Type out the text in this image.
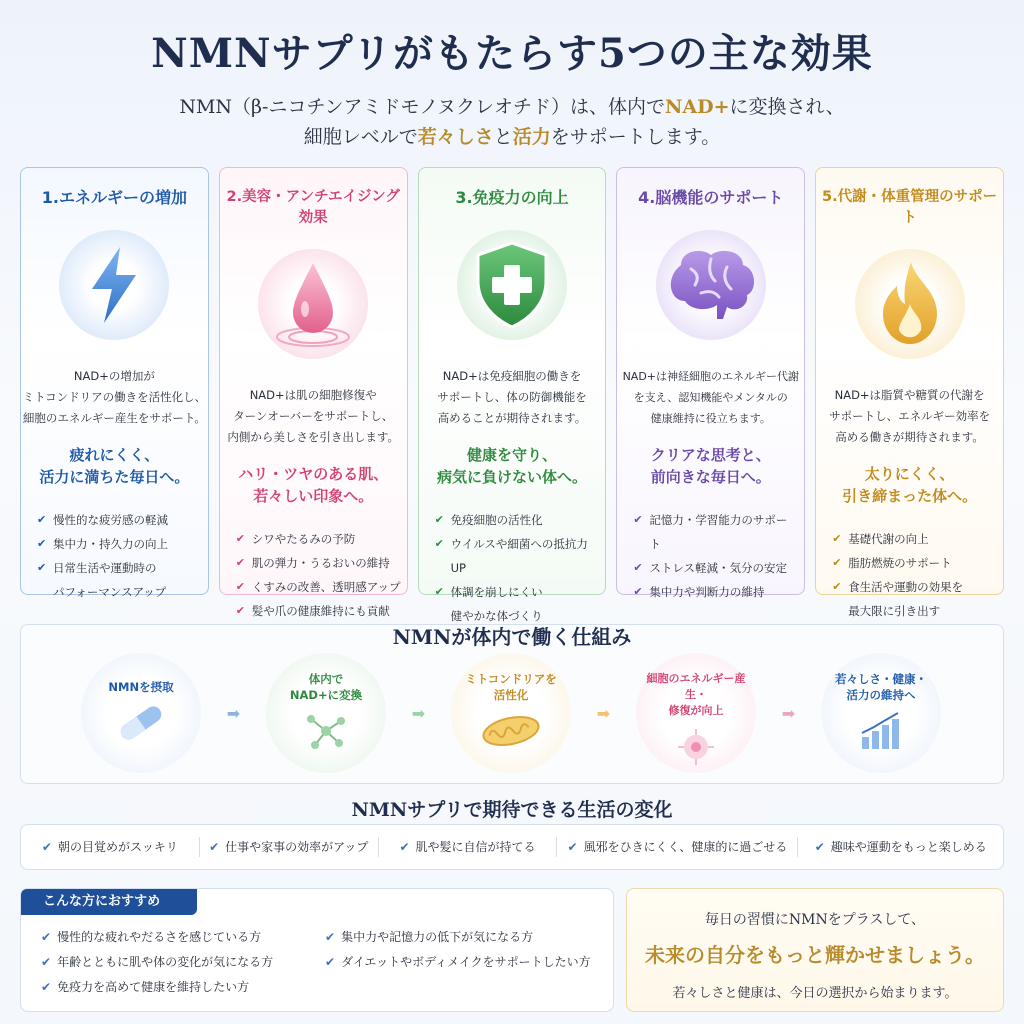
NMNサプリがもたらす5つの主な効果
NMN（β-ニコチンアミドモノヌクレオチド）は、体内でNAD+に変換され、
細胞レベルで若々しさと活力をサポートします。
1.エネルギーの増加
NAD+の増加が
ミトコンドリアの働きを活性化し、
細胞のエネルギー産生をサポート。
疲れにくく、
活力に満ちた毎日へ。
✔ 慢性的な疲労感の軽減
✔ 集中力・持久力の向上
✔ 日常生活や運動時の
パフォーマンスアップ
2.美容・アンチエイジング効果
NAD+は肌の細胞修復や
ターンオーバーをサポートし、
内側から美しさを引き出します。
ハリ・ツヤのある肌、
若々しい印象へ。
✔ シワやたるみの予防
✔ 肌の弾力・うるおいの維持
✔ くすみの改善、透明感アップ
✔ 髪や爪の健康維持にも貢献
3.免疫力の向上
NAD+は免疫細胞の働きを
サポートし、体の防御機能を
高めることが期待されます。
健康を守り、
病気に負けない体へ。
✔ 免疫細胞の活性化
✔ ウイルスや細菌への抵抗力UP
✔ 体調を崩しにくい
健やかな体づくり
4.脳機能のサポート
NAD+は神経細胞のエネルギー代謝
を支え、認知機能やメンタルの
健康維持に役立ちます。
クリアな思考と、
前向きな毎日へ。
✔ 記憶力・学習能力のサポート
✔ ストレス軽減・気分の安定
✔ 集中力や判断力の維持
5.代謝・体重管理のサポート
NAD+は脂質や糖質の代謝を
サポートし、エネルギー効率を
高める働きが期待されます。
太りにくく、
引き締まった体へ。
✔ 基礎代謝の向上
✔ 脂肪燃焼のサポート
✔ 食生活や運動の効果を
最大限に引き出す
NMNが体内で働く仕組み
NMNを摂取
➡
体内で
NAD+に変換
➡
ミトコンドリアを
活性化
➡
細胞のエネルギー産生・
修復が向上	➡
若々しさ・健康・
活力の維持へ
NMNサプリで期待できる生活の変化
✔ 朝の目覚めがスッキリ	✔ 仕事や家事の効率がアップ	✔ 肌や髪に自信が持てる	✔ 風邪をひきにくく、健康的に過ごせる	✔ 趣味や運動をもっと楽しめる
こんな方におすすめ
✔ 慢性的な疲れやだるさを感じている方
✔ 年齢とともに肌や体の変化が気になる方
✔ 免疫力を高めて健康を維持したい方
✔ 集中力や記憶力の低下が気になる方
✔ ダイエットやボディメイクをサポートしたい方
毎日の習慣にNMNをプラスして、
未来の自分をもっと輝かせましょう。
若々しさと健康は、今日の選択から始まります。
